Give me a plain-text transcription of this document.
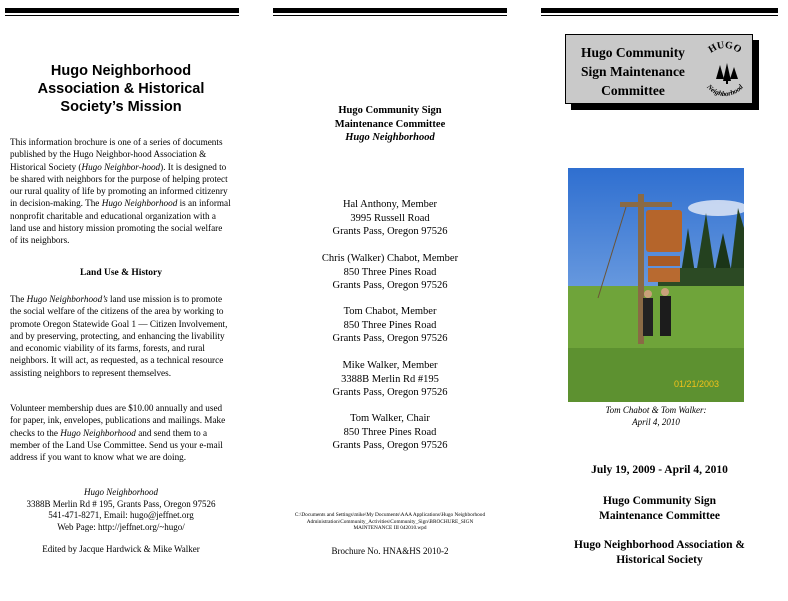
Hugo Neighborhood
Association & Historical
Society’s Mission
This information brochure is one of a series of documents published by the Hugo Neighbor-hood Association & Historical Society (Hugo Neighbor-hood). It is designed to be shared with neighbors for the purpose of helping protect our rural quality of life by promoting an informed citizenry in decision-making. The Hugo Neighborhood is an informal nonprofit charitable and educational organization with a land use and history mission promoting the social welfare of its neighbors.
Land Use & History
The Hugo Neighborhood’s land use mission is to promote the social welfare of the citizens of the area by working to promote Oregon Statewide Goal 1 — Citizen Involvement, and by preserving, protecting, and enhancing the livability and economic viability of its farms, forests, and rural neighbors. It will act, as requested, as a technical resource assisting neighbors to represent themselves.
Volunteer membership dues are $10.00 annually and used for paper, ink, envelopes, publications and mailings. Make checks to the Hugo Neighborhood and send them to a member of the Land Use Committee. Send us your e-mail address if you want to know what we are doing.
Hugo Neighborhood
3388B Merlin Rd # 195, Grants Pass, Oregon 97526
541-471-8271, Email: hugo@jeffnet.org
Web Page: http://jeffnet.org/~hugo/
Edited by Jacque Hardwick & Mike Walker
Hugo Community Sign
Maintenance Committee
Hugo Neighborhood
Hal Anthony, Member
3995 Russell Road
Grants Pass, Oregon 97526
Chris (Walker) Chabot, Member
850 Three Pines Road
Grants Pass, Oregon 97526
Tom Chabot, Member
850 Three Pines Road
Grants Pass, Oregon 97526
Mike Walker, Member
3388B Merlin Rd #195
Grants Pass, Oregon 97526
Tom Walker, Chair
850 Three Pines Road
Grants Pass, Oregon 97526
C:\Documents and Settings\mike\My Documents\AAA Applications\Hugo Neighborhood
Administration\Community_Activities\Community_Sign\BROCHURE_SIGN
MAINTENANCE III 042010.wpd
Brochure No. HNA&HS 2010-2
Hugo Community
Sign Maintenance
Committee
HUGO
Neighborhood
01/21/2003
Tom Chabot & Tom Walker:
April 4, 2010
July 19, 2009 - April 4, 2010
Hugo Community Sign
Maintenance Committee
Hugo Neighborhood Association &
Historical Society
